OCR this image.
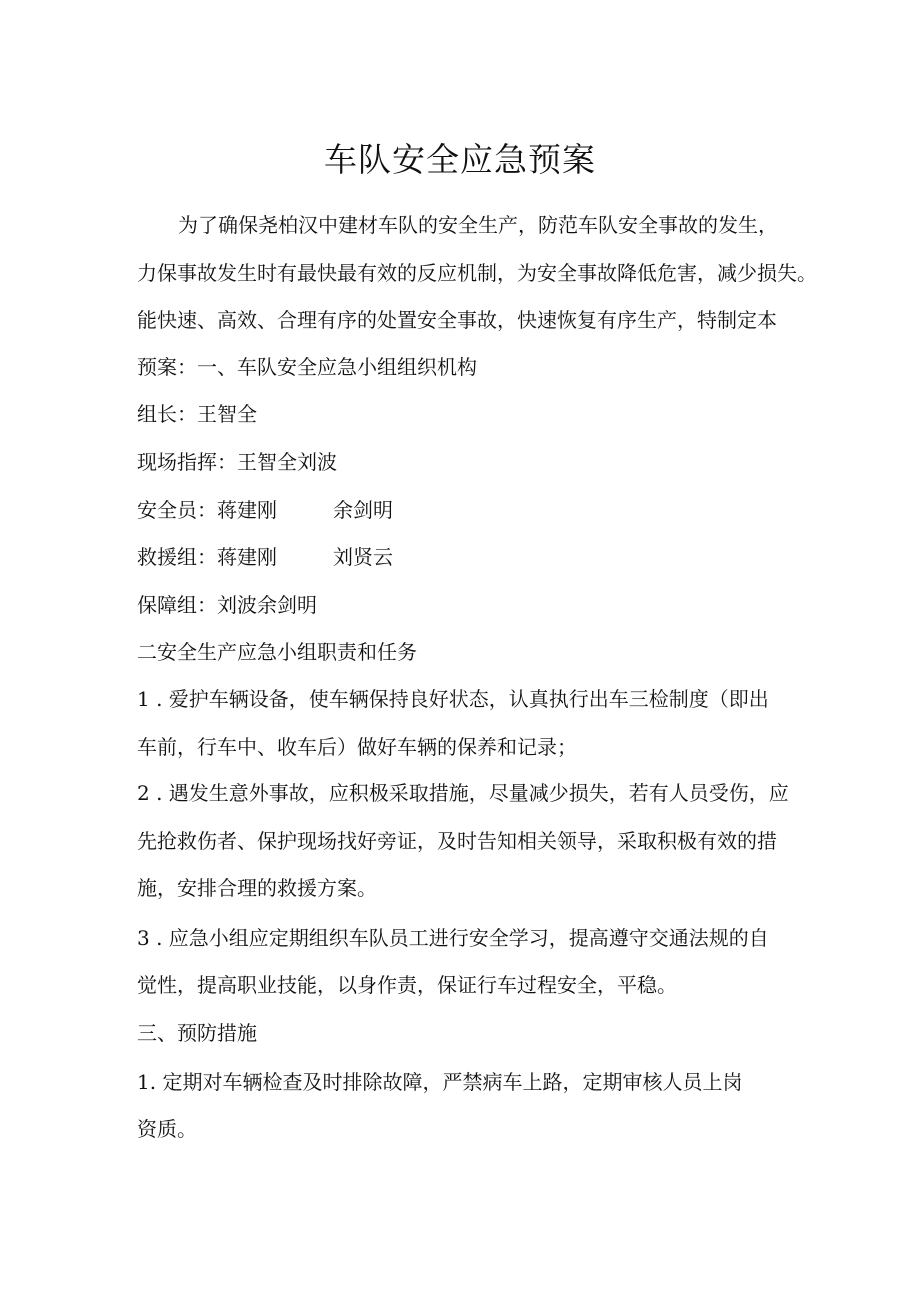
车队安全应急预案

为了确保尧柏汉中建材车队的安全生产，防范车队安全事故的发生，

力保事故发生时有最快最有效的反应机制，为安全事故降低危害，减少损失。

能快速、高效、合理有序的处置安全事故，快速恢复有序生产，特制定本

预案：一、车队安全应急小组组织机构

组长：王智全

现场指挥：王智全刘波

安全员：蒋建刚	余剑明

救援组：蒋建刚	刘贤云

保障组：刘波余剑明

二安全生产应急小组职责和任务

1 . 爱护车辆设备，使车辆保持良好状态，认真执行出车三检制度（即出

车前，行车中、收车后）做好车辆的保养和记录；

2 . 遇发生意外事故，应积极采取措施，尽量减少损失，若有人员受伤，应

先抢救伤者、保护现场找好旁证，及时告知相关领导，采取积极有效的措

施，安排合理的救援方案。

3 . 应急小组应定期组织车队员工进行安全学习，提高遵守交通法规的自

觉性，提高职业技能，以身作责，保证行车过程安全，平稳。

三、预防措施

1. 定期对车辆检查及时排除故障，严禁病车上路，定期审核人员上岗

资质。
